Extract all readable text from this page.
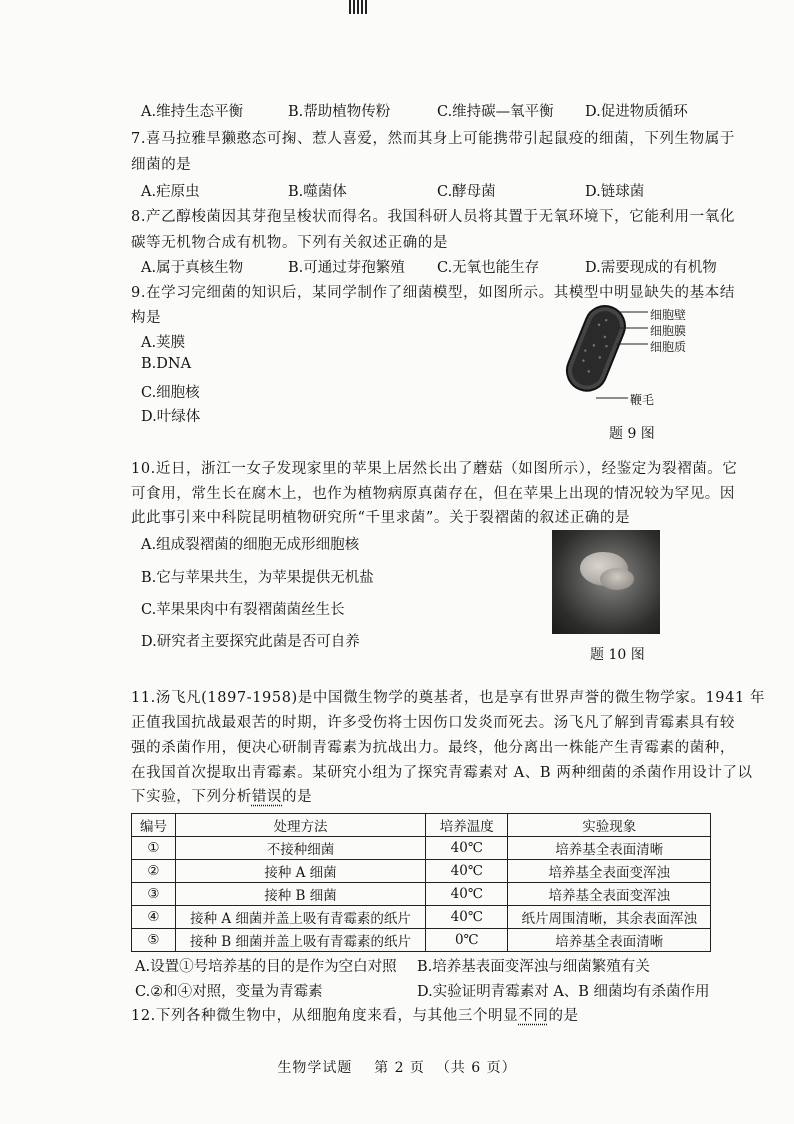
A.维持生态平衡	B.帮助植物传粉	C.维持碳—氧平衡 D.促进物质循环
7.喜马拉雅旱獭憨态可掬、惹人喜爱，然而其身上可能携带引起鼠疫的细菌，下列生物属于
细菌的是
A.疟原虫	B.噬菌体	C.酵母菌	D.链球菌
8.产乙醇梭菌因其芽孢呈梭状而得名。我国科研人员将其置于无氧环境下，它能利用一氧化
碳等无机物合成有机物。下列有关叙述正确的是
A.属于真核生物	B.可通过芽孢繁殖 C.无氧也能生存	D.需要现成的有机物
9.在学习完细菌的知识后，某同学制作了细菌模型，如图所示。其模型中明显缺失的基本结
构是
A.荚膜
B.DNA
C.细胞核
D.叶绿体
细胞壁
细胞膜
细胞质
鞭毛
题 9 图
10.近日，浙江一女子发现家里的苹果上居然长出了蘑菇（如图所示），经鉴定为裂褶菌。它
可食用，常生长在腐木上，也作为植物病原真菌存在，但在苹果上出现的情况较为罕见。因
此此事引来中科院昆明植物研究所“千里求菌”。关于裂褶菌的叙述正确的是
A.组成裂褶菌的细胞无成形细胞核
B.它与苹果共生，为苹果提供无机盐
C.苹果果肉中有裂褶菌菌丝生长
D.研究者主要探究此菌是否可自养
题 10 图
11.汤飞凡(1897-1958)是中国微生物学的奠基者，也是享有世界声誉的微生物学家。1941 年
正值我国抗战最艰苦的时期，许多受伤将士因伤口发炎而死去。汤飞凡了解到青霉素具有较
强的杀菌作用，便决心研制青霉素为抗战出力。最终，他分离出一株能产生青霉素的菌种，
在我国首次提取出青霉素。某研究小组为了探究青霉素对 A、B 两种细菌的杀菌作用设计了以
下实验，下列分析错误的是
编号	处理方法	培养温度	实验现象
①	不接种细菌	40℃	培养基全表面清晰
②	接种 A 细菌	40℃	培养基全表面变浑浊
③	接种 B 细菌	40℃	培养基全表面变浑浊
④	接种 A 细菌并盖上吸有青霉素的纸片	40℃	纸片周围清晰，其余表面浑浊
⑤	接种 B 细菌并盖上吸有青霉素的纸片	0℃	培养基全表面清晰
A.设置①号培养基的目的是作为空白对照 B.培养基表面变浑浊与细菌繁殖有关
C.②和④对照，变量为青霉素	D.实验证明青霉素对 A、B 细菌均有杀菌作用
12.下列各种微生物中，从细胞角度来看，与其他三个明显不同的是
生物学试题    第 2 页  （共 6 页）
